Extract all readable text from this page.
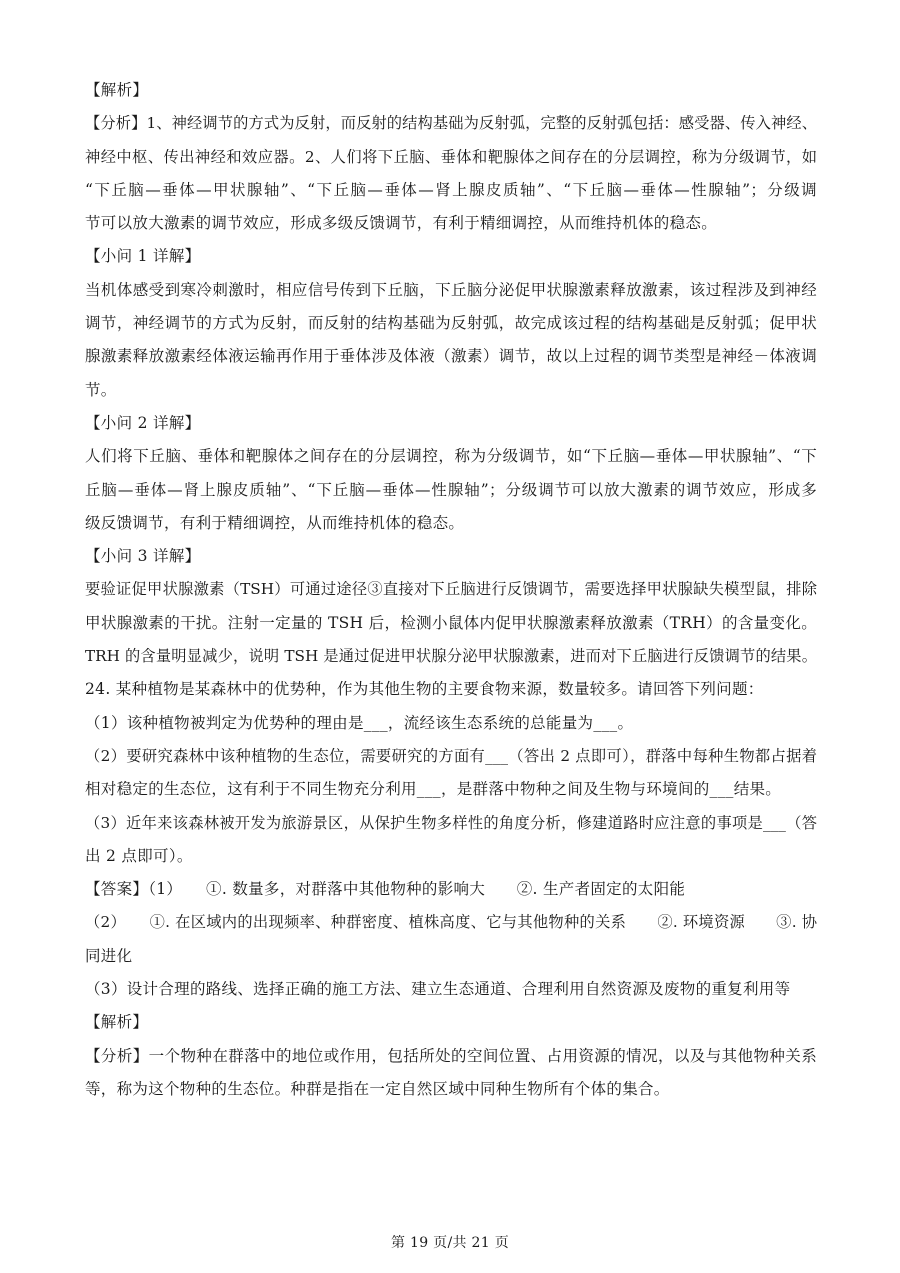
【解析】
【分析】1、神经调节的方式为反射，而反射的结构基础为反射弧，完整的反射弧包括：感受器、传入神经、
神经中枢、传出神经和效应器。2、人们将下丘脑、垂体和靶腺体之间存在的分层调控，称为分级调节，如
“下丘脑—垂体—甲状腺轴”、“下丘脑—垂体—肾上腺皮质轴”、“下丘脑—垂体—性腺轴”；分级调
节可以放大激素的调节效应，形成多级反馈调节，有利于精细调控，从而维持机体的稳态。
【小问 1 详解】
当机体感受到寒冷刺激时，相应信号传到下丘脑，下丘脑分泌促甲状腺激素释放激素，该过程涉及到神经
调节，神经调节的方式为反射，而反射的结构基础为反射弧，故完成该过程的结构基础是反射弧；促甲状
腺激素释放激素经体液运输再作用于垂体涉及体液（激素）调节，故以上过程的调节类型是神经－体液调
节。
【小问 2 详解】
人们将下丘脑、垂体和靶腺体之间存在的分层调控，称为分级调节，如“下丘脑—垂体—甲状腺轴”、“下
丘脑—垂体—肾上腺皮质轴”、“下丘脑—垂体—性腺轴”；分级调节可以放大激素的调节效应，形成多
级反馈调节，有利于精细调控，从而维持机体的稳态。
【小问 3 详解】
要验证促甲状腺激素（TSH）可通过途径③直接对下丘脑进行反馈调节，需要选择甲状腺缺失模型鼠，排除
甲状腺激素的干扰。注射一定量的 TSH 后，检测小鼠体内促甲状腺激素释放激素（TRH）的含量变化。
TRH 的含量明显减少，说明 TSH 是通过促进甲状腺分泌甲状腺激素，进而对下丘脑进行反馈调节的结果。
24. 某种植物是某森林中的优势种，作为其他生物的主要食物来源，数量较多。请回答下列问题：
（1）该种植物被判定为优势种的理由是___，流经该生态系统的总能量为___。
（2）要研究森林中该种植物的生态位，需要研究的方面有___（答出 2 点即可），群落中每种生物都占据着
相对稳定的生态位，这有利于不同生物充分利用___，是群落中物种之间及生物与环境间的___结果。
（3）近年来该森林被开发为旅游景区，从保护生物多样性的角度分析，修建道路时应注意的事项是___（答
出 2 点即可）。
【答案】（1）　　①. 数量多，对群落中其他物种的影响大　　②. 生产者固定的太阳能
（2）　　①. 在区域内的出现频率、种群密度、植株高度、它与其他物种的关系　　②. 环境资源　　③. 协
同进化
（3）设计合理的路线、选择正确的施工方法、建立生态通道、合理利用自然资源及废物的重复利用等
【解析】
【分析】一个物种在群落中的地位或作用，包括所处的空间位置、占用资源的情况，以及与其他物种关系
等，称为这个物种的生态位。种群是指在一定自然区域中同种生物所有个体的集合。
第 19 页/共 21 页
